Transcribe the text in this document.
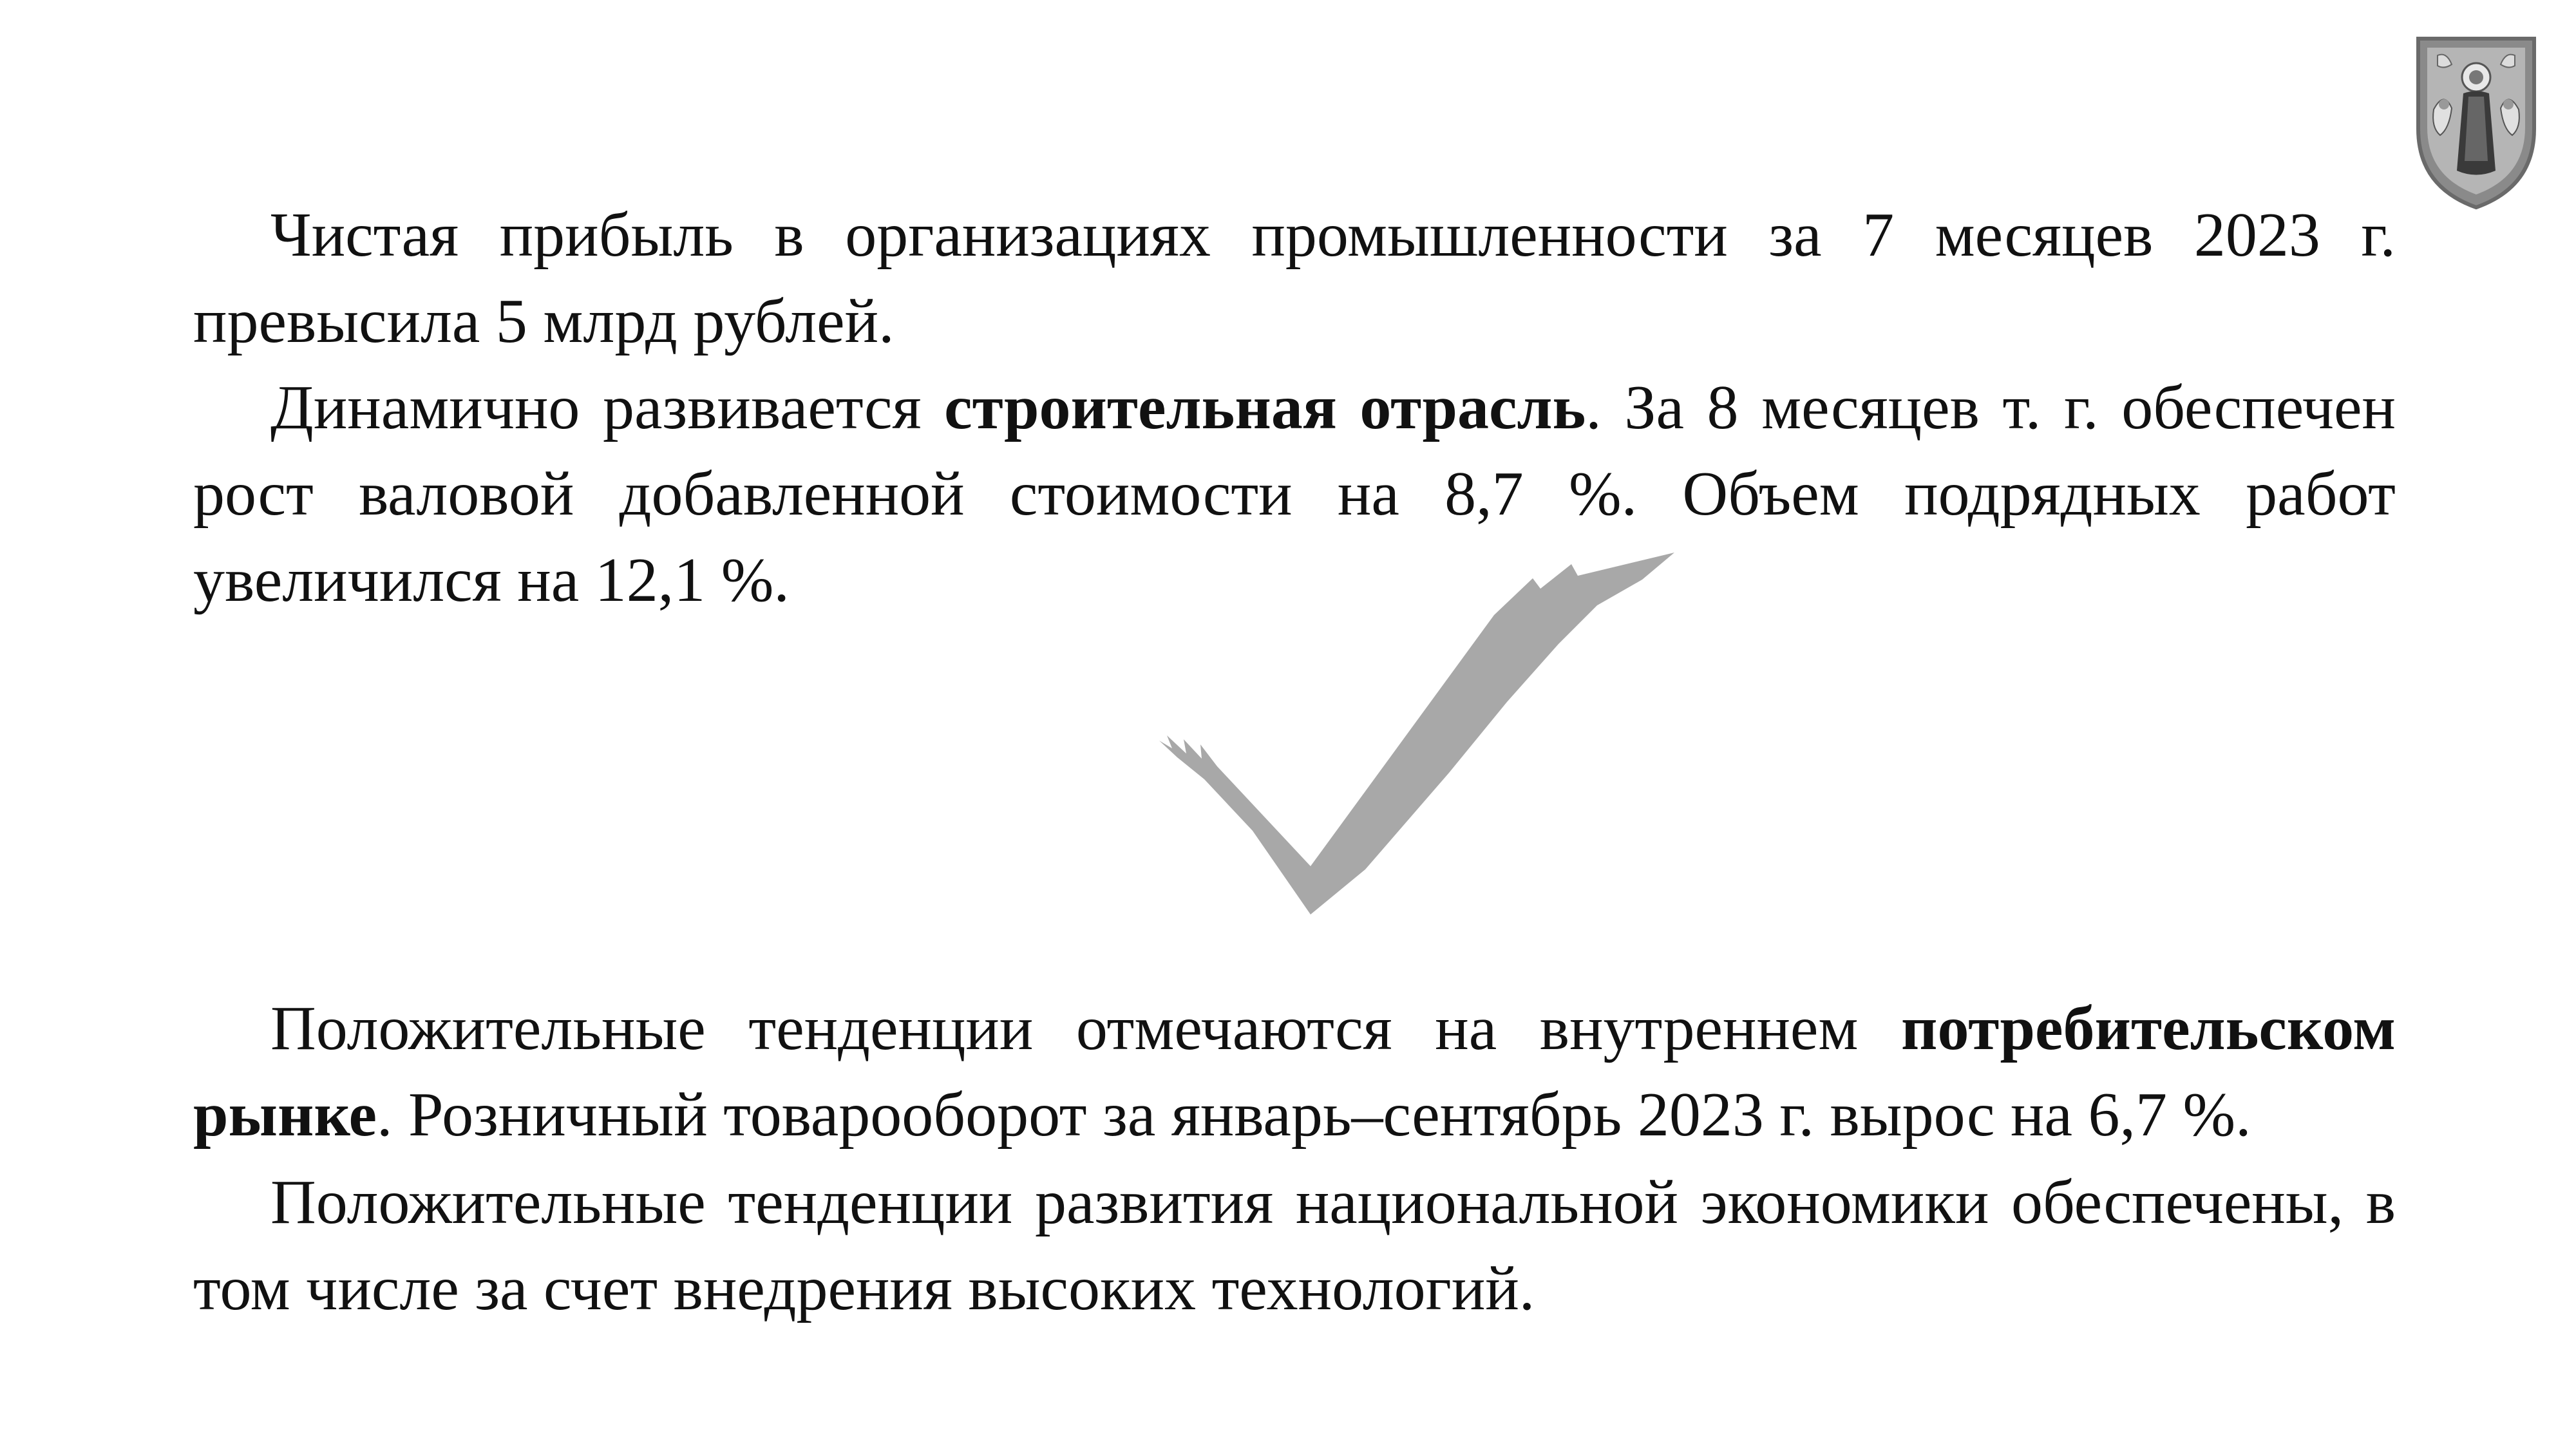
Чистая прибыль в организациях промышленности за 7 месяцев 2023 г. превысила 5 млрд рублей.

Динамично развивается строительная отрасль. За 8 месяцев т. г. обеспечен рост валовой добавленной стоимости на 8,7 %. Объем подрядных работ увеличился на 12,1 %.

Положительные тенденции отмечаются на внутреннем потребительском рынке. Розничный товарооборот за январь–сентябрь 2023 г. вырос на 6,7 %.

Положительные тенденции развития национальной экономики обеспечены, в том числе за счет внедрения высоких технологий.
